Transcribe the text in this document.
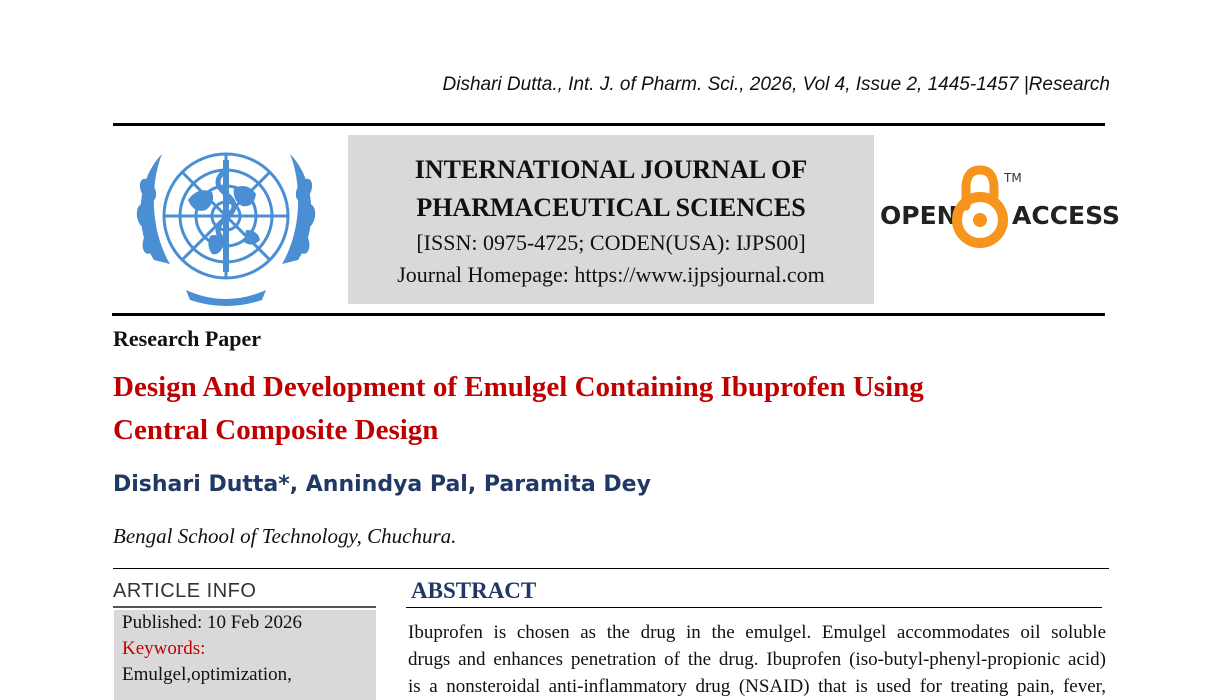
Dishari Dutta., Int. J. of Pharm. Sci., 2026, Vol 4, Issue 2, 1445-1457 |Research
INTERNATIONAL JOURNAL OF
PHARMACEUTICAL SCIENCES
[ISSN: 0975-4725; CODEN(USA): IJPS00]
Journal Homepage: https://www.ijpsjournal.com
OPEN ACCESS
TM
Research Paper
Design And Development of Emulgel Containing Ibuprofen Using
Central Composite Design
Dishari Dutta*, Annindya Pal, Paramita Dey
Bengal School of Technology, Chuchura.
ARTICLE INFO
Published: 10 Feb 2026
Keywords:
Emulgel,optimization,
ABSTRACT
Ibuprofen is chosen as the drug in the emulgel. Emulgel accommodates oil soluble
drugs and enhances penetration of the drug. Ibuprofen (iso-butyl-phenyl-propionic acid)
is a nonsteroidal anti-inflammatory drug (NSAID) that is used for treating pain, fever,
